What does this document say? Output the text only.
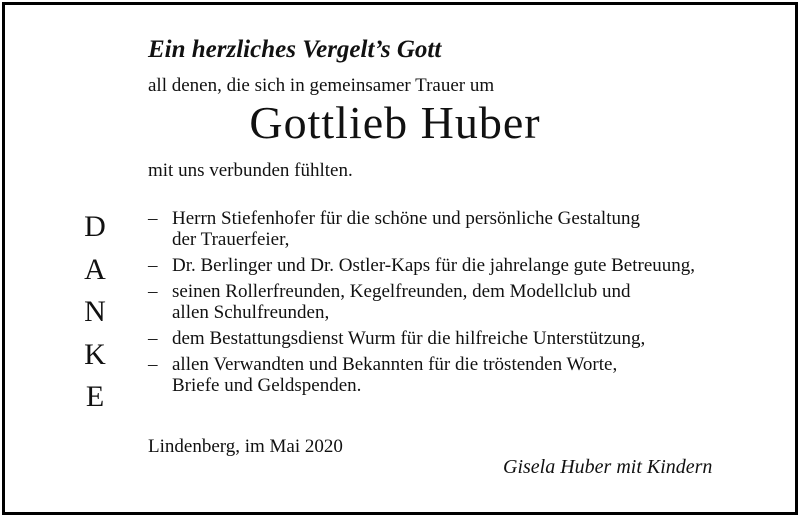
Ein herzliches Vergelt’s Gott
all denen, die sich in gemeinsamer Trauer um
Gottlieb Huber
mit uns verbunden fühlten.
D
A
N
K
E
– Herrn Stiefenhofer für die schöne und persönliche Gestaltung
der Trauerfeier,
– Dr. Berlinger und Dr. Ostler-Kaps für die jahrelange gute Betreuung,
– seinen Rollerfreunden, Kegelfreunden, dem Modellclub und
allen Schulfreunden,
– dem Bestattungsdienst Wurm für die hilfreiche Unterstützung,
– allen Verwandten und Bekannten für die tröstenden Worte,
Briefe und Geldspenden.
Lindenberg, im Mai 2020
Gisela Huber mit Kindern
